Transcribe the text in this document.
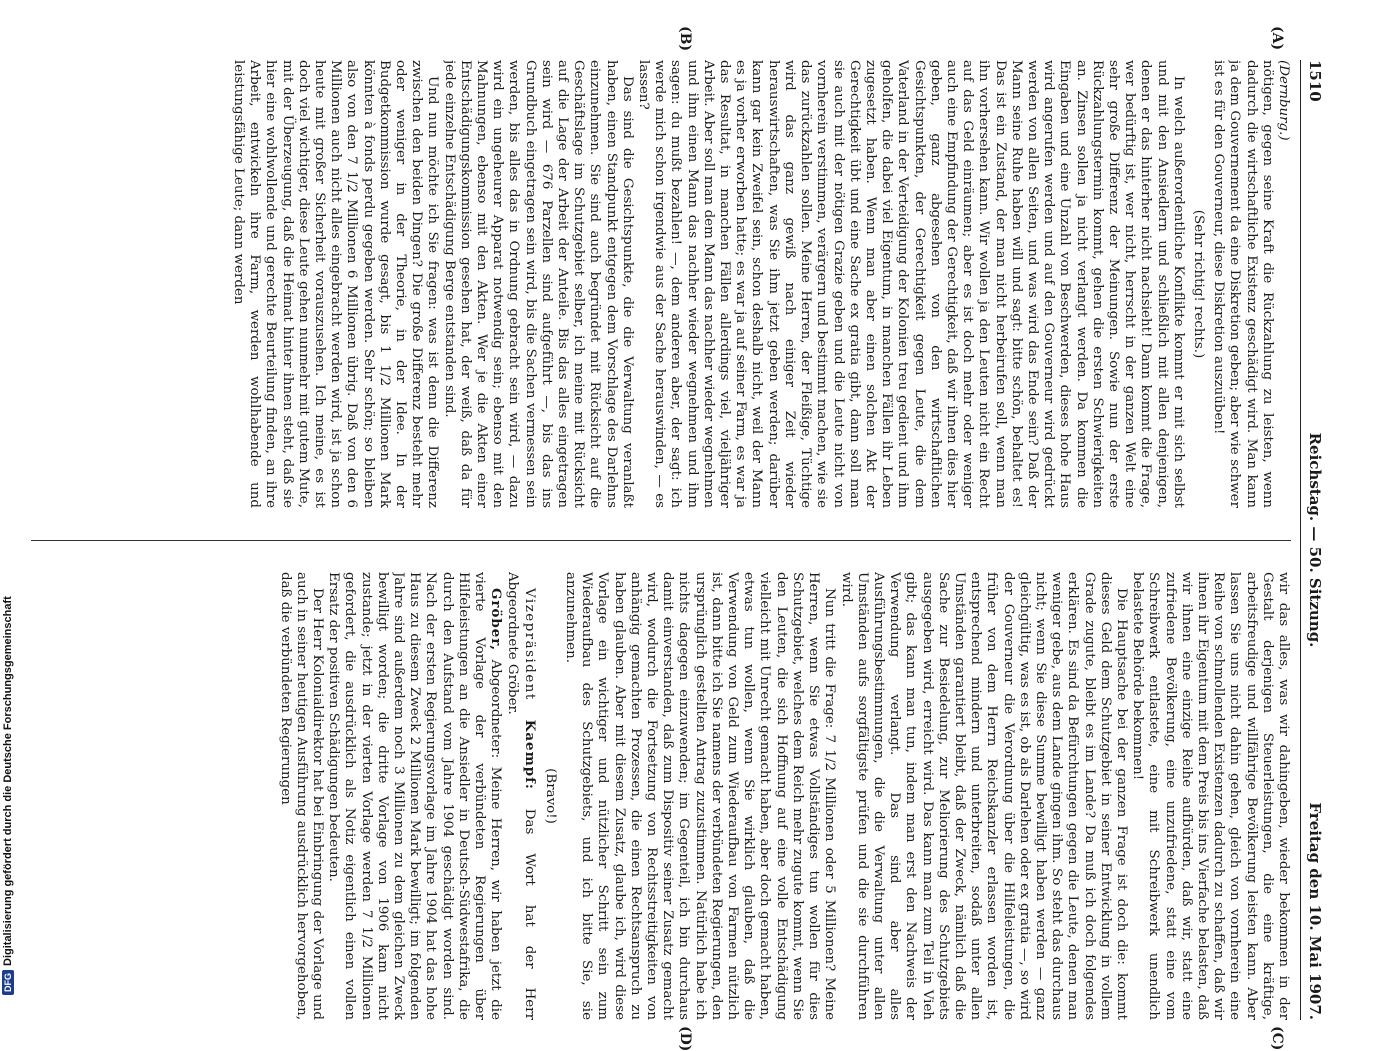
DFGDigitalisierung gefördert durch die Deutsche Forschungsgemeinschaft
1510
Reichstag. — 50. Sitzung.
Freitag den 10. Mai 1907.
(A)
(B)
(C)
(D)

(Dernburg.)

nötigen, gegen seine Kraft die Rückzahlung zu leisten, wenn dadurch die wirtschaftliche Existenz geschädigt wird. Man kann ja dem Gouvernement da eine Diskretion geben; aber wie schwer ist es für den Gouverneur, diese Diskretion auszuüben!

(Sehr richtig! rechts.)

In welch außerordentliche Konflikte kommt er mit sich selbst und mit den Ansiedlern und schließlich mit allen denjenigen, denen er das hinterher nicht nachsieht! Dann kommt die Frage, wer bedürftig ist, wer nicht, herrscht in der ganzen Welt eine sehr große Differenz der Meinungen. Sowie nun der erste Rückzahlungstermin kommt, gehen die ersten Schwierigkeiten an. Zinsen sollen ja nicht verlangt werden. Da kommen die Eingaben und eine Unzahl von Beschwerden, dieses hohe Haus wird angerufen werden und auf den Gouverneur wird gedrückt werden von allen Seiten, und was wird das Ende sein? Daß der Mann seine Ruhe haben will und sagt: bitte schön, behaltet es! Das ist ein Zustand, der man nicht herbeirufen soll, wenn man ihn vorhersehen kann. Wir wollen ja den Leuten nicht ein Recht auf das Geld einräumen; aber es ist doch mehr oder weniger auch eine Empfindung der Gerechtigkeit, daß wir ihnen dies hier geben, ganz abgesehen von den wirtschaftlichen Gesichtspunkten, der Gerechtigkeit gegen Leute, die dem Vaterland in der Verteidigung der Kolonien treu gedient und ihm geholfen, die dabei viel Eigentum, in manchen Fällen ihr Leben zugesetzt haben. Wenn man aber einen solchen Akt der Gerechtigkeit übt und eine Sache ex gratia gibt, dann soll man sie auch mit der nötigen Grazie geben und die Leute nicht von vornherein verstimmen, verärgern und bestimmt machen, wie sie das zurückzahlen sollen. Meine Herren, der Fleißige, Tüchtige wird das ganz gewiß nach einiger Zeit wieder herauswirtschaften, was Sie ihm jetzt geben werden; darüber kann gar kein Zweifel sein, schon deshalb nicht, weil der Mann es ja vorher erworben hatte; es war ja auf seiner Farm, es war ja das Resultat, in manchen Fällen allerdings viel, vieljähriger Arbeit. Aber soll man dem Mann das nachher wieder wegnehmen und ihm einen Mann das nachher wieder wegnehmen und ihm sagen: du mußt bezahlen! —, dem anderen aber, der sagt: ich werde mich schon irgendwie aus der Sache herauswinden, — es lassen?

Das sind die Gesichtspunkte, die die Verwaltung veranlaßt haben, einen Standpunkt entgegen dem Vorschlage des Darlehns einzunehmen. Sie sind auch begründet mit Rücksicht auf die Geschäftslage im Schutzgebiet selber, ich meine mit Rücksicht auf die Lage der Arbeit der Anteile. Bis das alles eingetragen sein wird — 676 Parzellen sind aufgeführt —, bis das ins Grundbuch eingetragen sein wird, bis die Sachen vermessen sein werden, bis alles das in Ordnung gebracht sein wird, — dazu wird ein ungeheurer Apparat notwendig sein; ebenso mit den Mahnungen, ebenso mit den Akten. Wer je die Akten einer Entschädigungskommission gesehen hat, der weiß, daß da für jede einzelne Entschädigung Berge entstanden sind.

Und nun möchte ich Sie fragen: was ist denn die Differenz zwischen den beiden Dingen? Die große Differenz besteht mehr oder weniger in der Theorie, in der Idee. In der Budgetkommission wurde gesagt, bis 1 1/2 Millionen Mark könnten à fonds perdu gegeben werden. Sehr schön; so bleiben also von den 7 1/2 Millionen 6 Millionen übrig. Daß von den 6 Millionen auch nicht alles eingebracht werden wird, ist ja schon heute mit großer Sicherheit vorauszusehen. Ich meine, es ist doch viel wichtiger, diese Leute gehen nunmehr mit gutem Mute, mit der Überzeugung, daß die Heimat hinter ihnen steht, daß sie hier eine wohlwollende und gerechte Beurteilung finden, an ihre Arbeit, entwickeln ihre Farm, werden wohlhabende und leistungsfähige Leute; dann werden

wir das alles, was wir dahingeben, wieder bekommen in der Gestalt derjenigen Steuerleistungen, die eine kräftige, arbeitsfreudige und willfährige Bevölkerung leisten kann. Aber lassen Sie uns nicht dahin gehen, gleich von vornherein eine Reihe von schmollenden Existenzen dadurch zu schaffen, daß wir ihnen ihr Eigentum mit dem Preis bis ins Vierfache belasten, daß wir ihnen eine einzige Reihe aufbürden, daß wir, statt eine zufriedene Bevölkerung, eine unzufriedene, statt eine vom Schreibwerk entlastete, eine mit Schreibwerk unendlich belastete Behörde bekommen!

Die Hauptsache bei der ganzen Frage ist doch die: kommt dieses Geld dem Schutzgebiet in seiner Entwicklung in vollem Grade zugute, bleibt es im Lande? Da muß ich doch folgendes erklären. Es sind da Befürchtungen gegen die Leute, denen man weniger gebe, aus dem Lande gingen ihm. So steht das durchaus nicht; wenn Sie diese Summe bewilligt haben werden — ganz gleichgültig, was es ist, ob als Darlehen oder ex gratia —, so wird der Gouverneur die Verordnung über die Hilfeleistungen, die früher von dem Herrn Reichskanzler erlassen worden ist, entsprechend mindern und unterbreiten, sodaß unter allen Umständen garantiert bleibt, daß der Zweck, nämlich daß die Sache zur Besiedelung, zur Meliorierung des Schutzgebiets ausgegeben wird, erreicht wird. Das kann man zum Teil in Vieh gibt; das kann man tun, indem man erst den Nachweis der Verwendung verlangt. Das sind aber alles Ausführungsbestimmungen, die die Verwaltung unter allen Umständen aufs sorgfältigste prüfen und die sie durchführen wird.

Nun tritt die Frage: 7 1/2 Millionen oder 5 Millionen? Meine Herren, wenn Sie etwas Vollständiges tun wollen für dies Schutzgebiet, welches dem Reich mehr zugute kommt, wenn Sie den Leuten, die sich Hoffnung auf eine volle Entschädigung vielleicht mit Unrecht gemacht haben, aber doch gemacht haben, etwas tun wollen, wenn Sie wirklich glauben, daß die Verwendung von Geld zum Wiederaufbau von Farmen nützlich ist, dann bitte ich Sie namens der verbündeten Regierungen, den ursprünglich gestellten Antrag zuzustimmen. Natürlich habe ich nichts dagegen einzuwenden; im Gegenteil, ich bin durchaus damit einverstanden, daß zum Dispositiv seiner Zusatz gemacht wird, wodurch die Fortsetzung von Rechtsstreitigkeiten von anhängig gemachten Prozessen, die einen Rechtsanspruch zu haben glauben. Aber mit diesem Zusatz, glaube ich, wird diese Vorlage ein wichtiger und nützlicher Schritt sein zum Wiederaufbau des Schutzgebiets, und ich bitte Sie, sie anzunehmen.

(Bravo!)

Vizepräsident Kaempf: Das Wort hat der Herr Abgeordnete Gröber.

Gröber, Abgeordneter: Meine Herren, wir haben jetzt die vierte Vorlage der verbündeten Regierungen über Hilfeleistungen an die Ansiedler in Deutsch-Südwestafrika, die durch den Aufstand vom Jahre 1904 geschädigt worden sind. Nach der ersten Regierungsvorlage im Jahre 1904 hat das hohe Haus zu diesem Zweck 2 Millionen Mark bewilligt; im folgenden Jahre sind außerdem noch 3 Millionen zu dem gleichen Zweck bewilligt worden; die dritte Vorlage von 1906 kam nicht zustande; jetzt in der vierten Vorlage werden 7 1/2 Millionen gefordert, die ausdrücklich als Notiz eigentlich einen vollen Ersatz der positiven Schädigungen bedeuten.

Der Herr Kolonialdirektor hat bei Einbringung der Vorlage und auch in seiner heutigen Ausführung ausdrücklich hervorgehoben, daß die verbündeten Regierungen
